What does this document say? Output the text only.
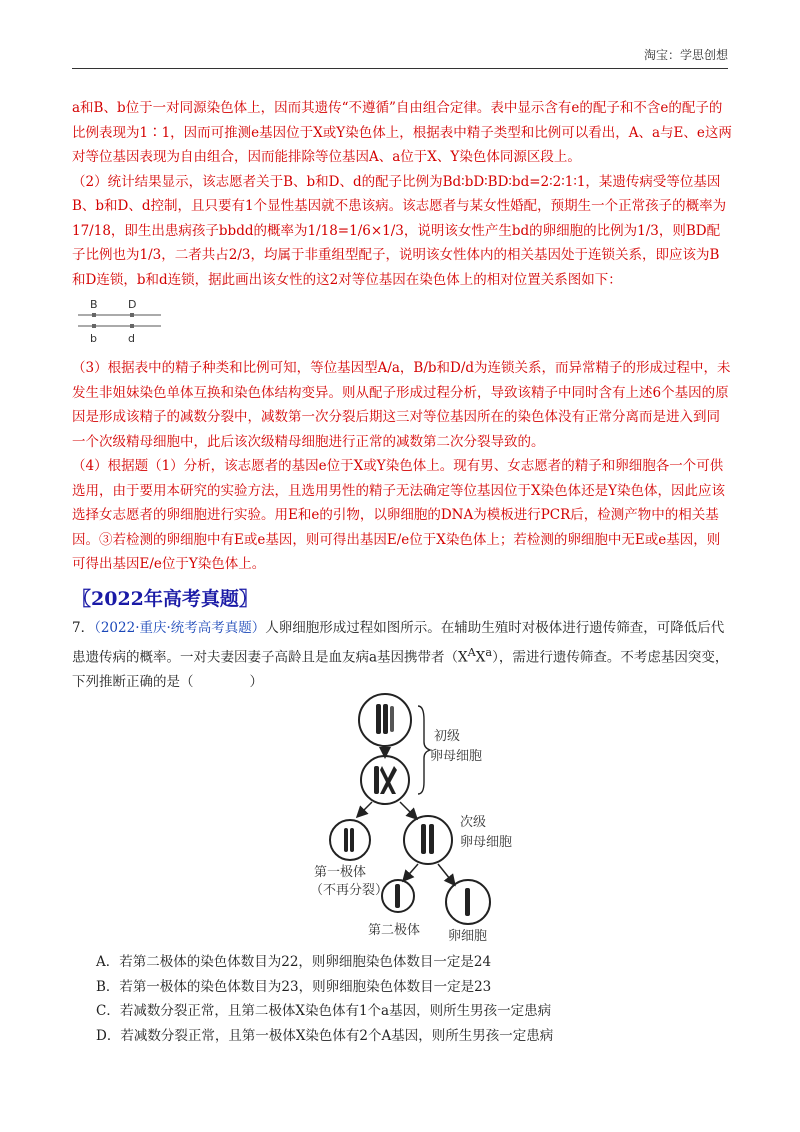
淘宝：学思创想

a和B、b位于一对同源染色体上，因而其遗传“不遵循”自由组合定律。表中显示含有e的配子和不含e的配子的比例表现为1∶1，因而可推测e基因位于X或Y染色体上，根据表中精子类型和比例可以看出，A、a与E、e这两对等位基因表现为自由组合，因而能排除等位基因A、a位于X、Y染色体同源区段上。

（2）统计结果显示，该志愿者关于B、b和D、d的配子比例为Bd∶bD∶BD∶bd=2∶2∶1∶1，某遗传病受等位基因B、b和D、d控制，且只要有1个显性基因就不患该病。该志愿者与某女性婚配，预期生一个正常孩子的概率为17/18，即生出患病孩子bbdd的概率为1/18=1/6×1/3，说明该女性产生bd的卵细胞的比例为1/3，则BD配子比例也为1/3，二者共占2/3，均属于非重组型配子，说明该女性体内的相关基因处于连锁关系，即应该为B和D连锁，b和d连锁，据此画出该女性的这2对等位基因在染色体上的相对位置关系图如下：

B	D
b	d

（3）根据表中的精子种类和比例可知，等位基因型A/a，B/b和D/d为连锁关系，而异常精子的形成过程中，未发生非姐妹染色单体互换和染色体结构变异。则从配子形成过程分析，导致该精子中同时含有上述6个基因的原因是形成该精子的减数分裂中，减数第一次分裂后期这三对等位基因所在的染色体没有正常分离而是进入到同一个次级精母细胞中，此后该次级精母细胞进行正常的减数第二次分裂导致的。

（4）根据题（1）分析，该志愿者的基因e位于X或Y染色体上。现有男、女志愿者的精子和卵细胞各一个可供选用，由于要用本研究的实验方法，且选用男性的精子无法确定等位基因位于X染色体还是Y染色体，因此应该选择女志愿者的卵细胞进行实验。用E和e的引物，以卵细胞的DNA为模板进行PCR后，检测产物中的相关基因。③若检测的卵细胞中有E或e基因，则可得出基因E/e位于X染色体上；若检测的卵细胞中无E或e基因，则可得出基因E/e位于Y染色体上。

〖2022年高考真题〗

7．（2022·重庆·统考高考真题）人卵细胞形成过程如图所示。在辅助生殖时对极体进行遗传筛查，可降低后代患遗传病的概率。一对夫妻因妻子高龄且是血友病a基因携带者$(X^AX^a)$，需进行遗传筛查。不考虑基因突变，下列推断正确的是（	）

初级
卵母细胞
第一极体
（不再分裂）
次级
卵母细胞
第二极体 卵细胞
A．若第二极体的染色体数目为22，则卵细胞染色体数目一定是24
B．若第一极体的染色体数目为23，则卵细胞染色体数目一定是23
C．若减数分裂正常，且第二极体X染色体有1个a基因，则所生男孩一定患病
D．若减数分裂正常，且第一极体X染色体有2个A基因，则所生男孩一定患病
